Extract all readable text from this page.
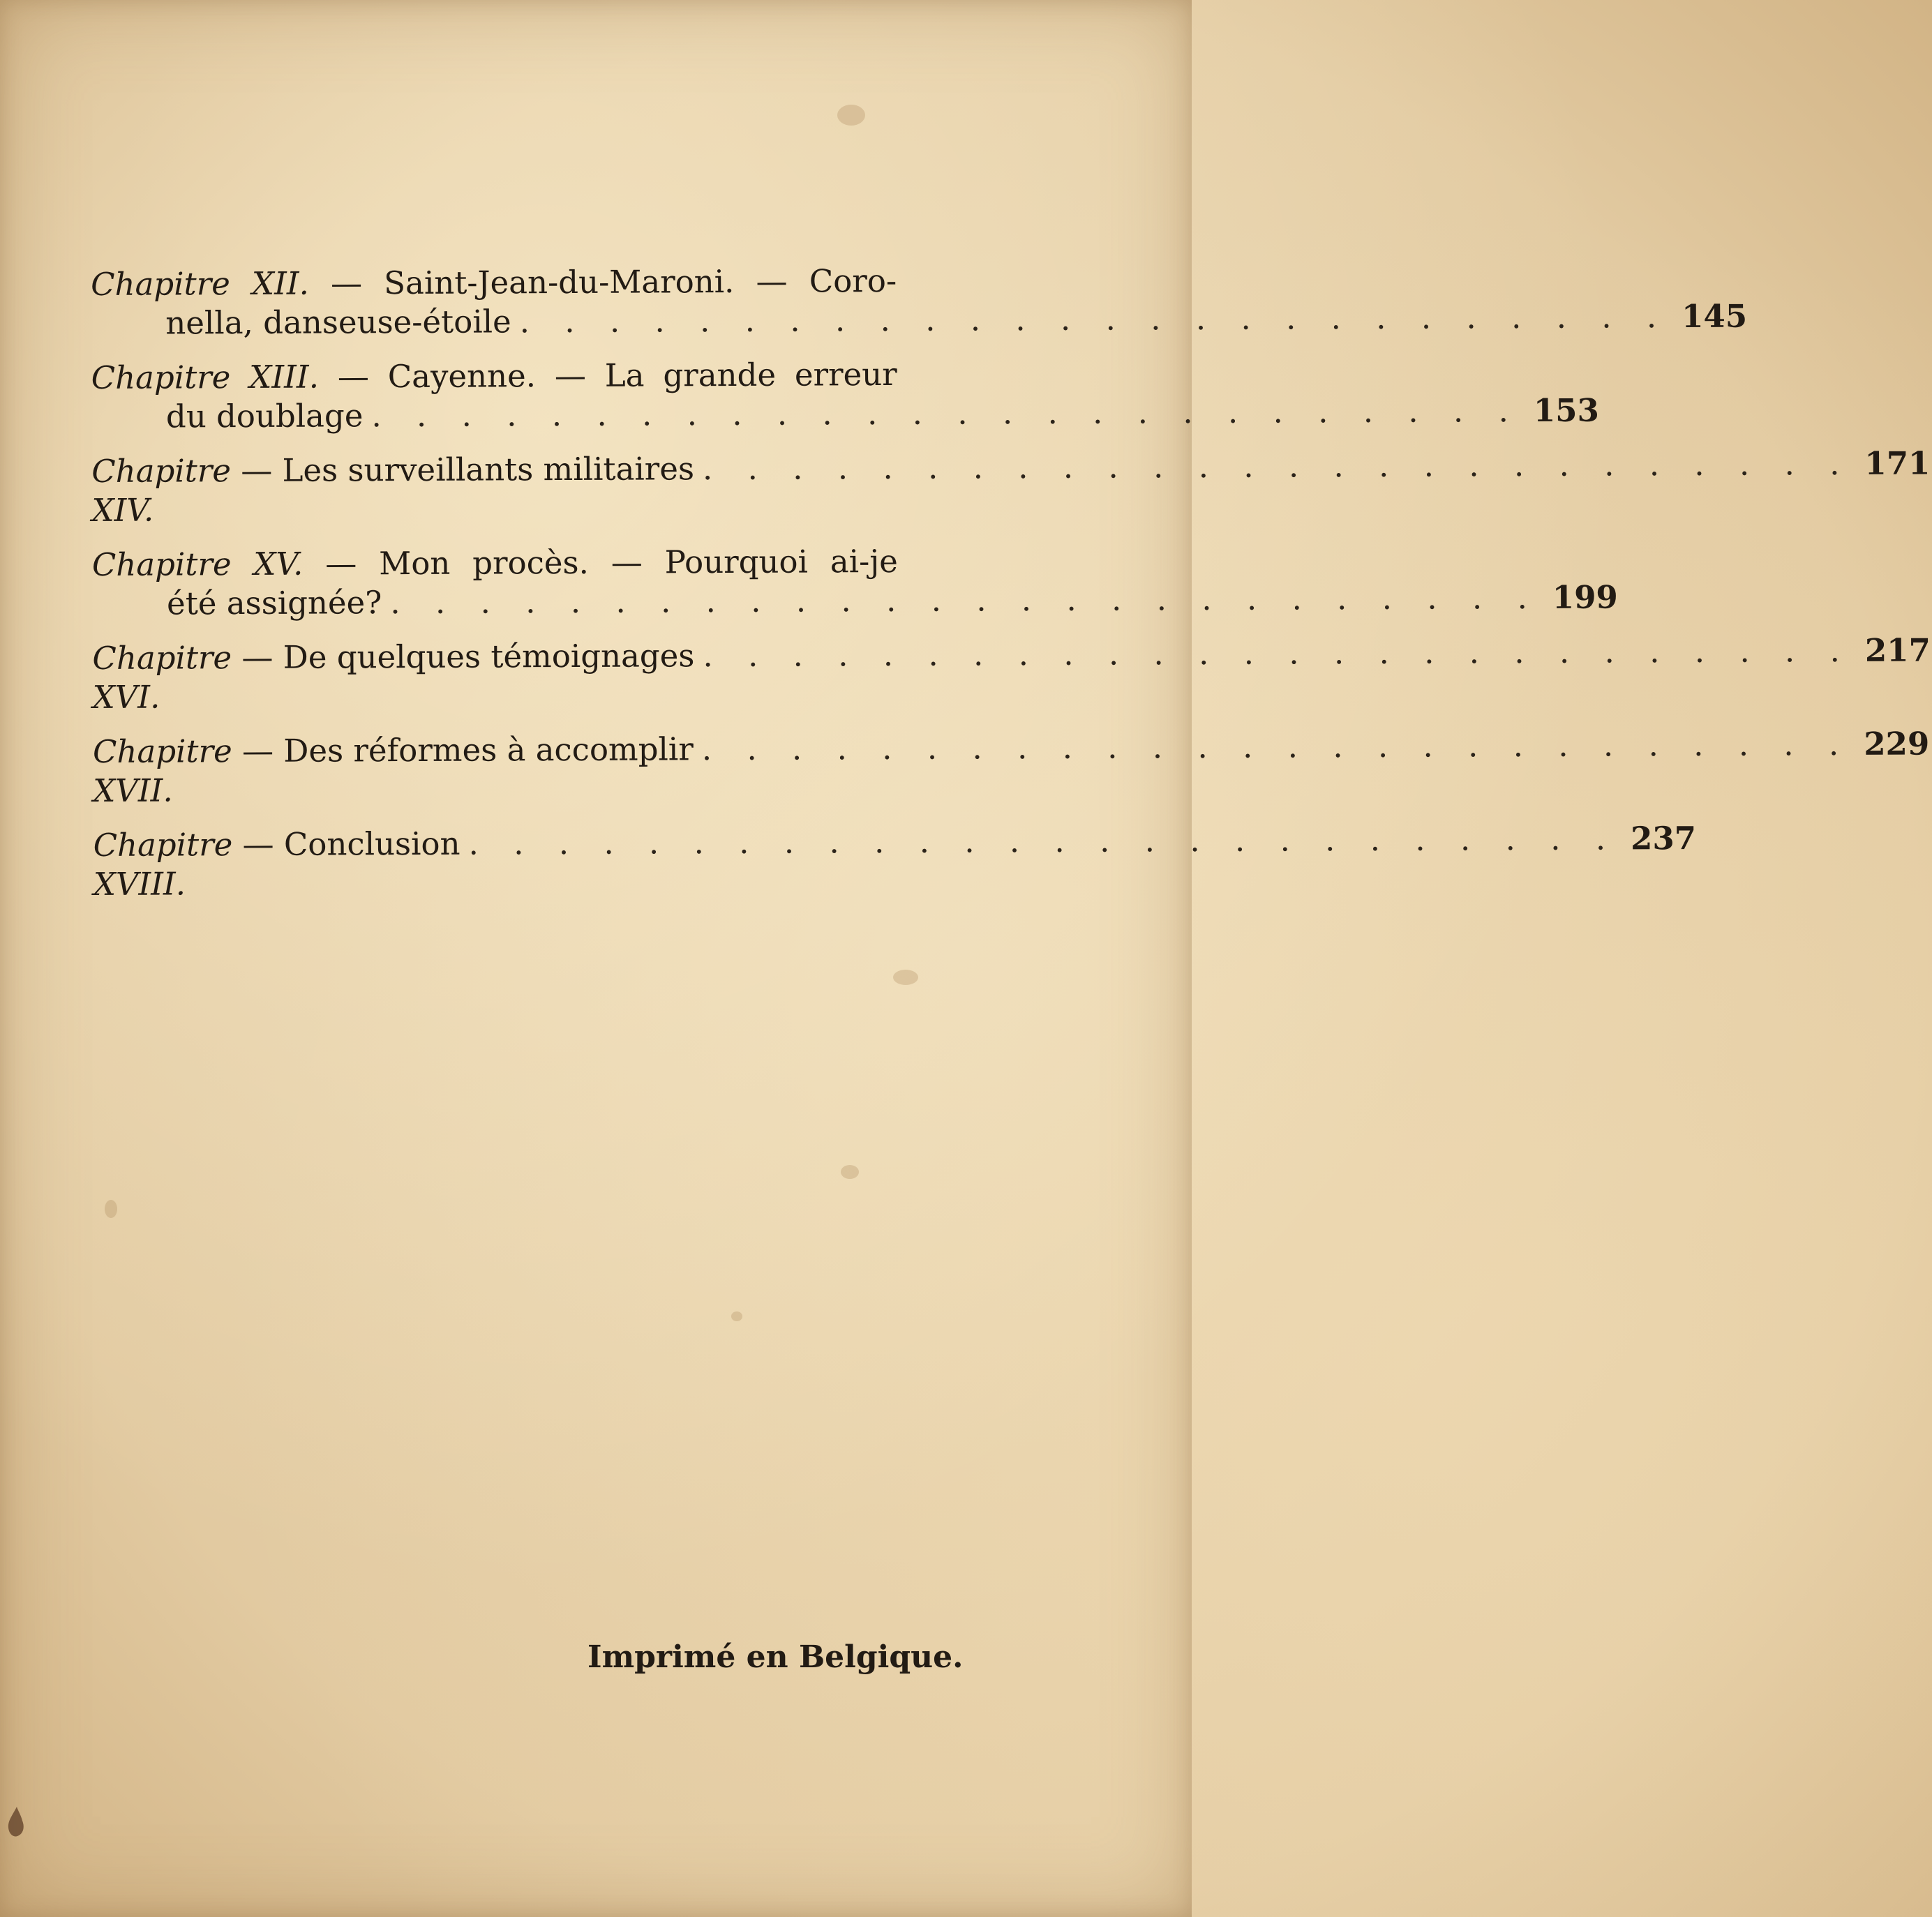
Chapitre XII. — Saint-Jean-du-Maroni. — Coro-
nella, danseuse-étoile . . . . . . . . . . . . . . . . . . . . . . . . . . 145
Chapitre XIII. — Cayenne. — La grande erreur
du doublage . . . . . . . . . . . . . . . . . . . . . . . . . . 153
Chapitre XIV.

— Les surveillants militaires . . . . . . . . . . . . . . . . . . . . . . . . . . 171
Chapitre XV. — Mon procès. — Pourquoi ai-je
été assignée? . . . . . . . . . . . . . . . . . . . . . . . . . . 199
Chapitre XVI.

— De quelques témoignages . . . . . . . . . . . . . . . . . . . . . . . . . . 217
Chapitre XVII.

— Des réformes à accomplir . . . . . . . . . . . . . . . . . . . . . . . . . . 229
Chapitre XVIII.

— Conclusion . . . . . . . . . . . . . . . . . . . . . . . . . . 237
Imprimé en Belgique.
